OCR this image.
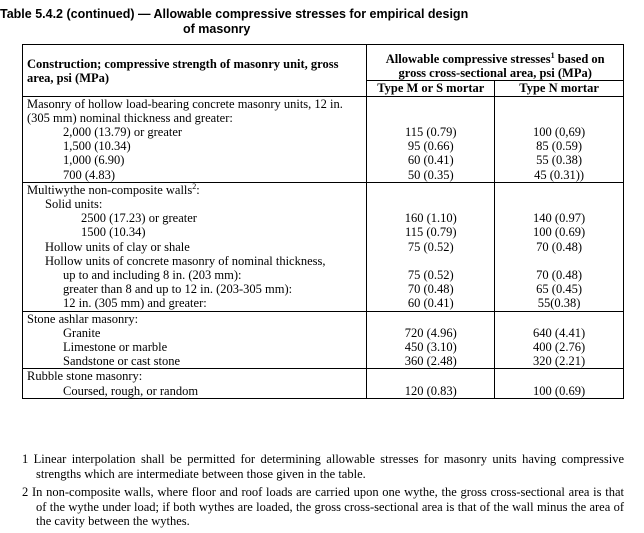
Table 5.4.2 (continued) — Allowable compressive stresses for empirical design
of masonry
Construction; compressive strength of masonry unit, gross area, psi (MPa)	Allowable compressive stresses$^1$ based on gross cross-sectional area, psi (MPa)	
	Type M or S mortar	Type N mortar
Masonry of hollow load-bearing concrete masonry units, 12 in. (305 mm) nominal thickness and greater:		
2,000 (13.79) or greater	115 (0.79)	100 (0,69)
1,500 (10.34)	95 (0.66)	85 (0.59)
1,000 (6.90)	60 (0.41)	55 (0.38)
700 (4.83)	50 (0.35)	45 (0.31))
Multiwythe non-composite walls$^2$:		
Solid units:		
2500 (17.23) or greater	160 (1.10)	140 (0.97)
1500 (10.34)	115 (0.79)	100 (0.69)
Hollow units of clay or shale	75 (0.52)	70 (0.48)
Hollow units of concrete masonry of nominal thickness,		
up to and including 8 in. (203 mm):	75 (0.52)	70 (0.48)
greater than 8 and up to 12 in. (203-305 mm):	70 (0.48)	65 (0.45)
12 in. (305 mm) and greater:	60 (0.41)	55(0.38)
Stone ashlar masonry:		
Granite	720 (4.96)	640 (4.41)
Limestone or marble	450 (3.10)	400 (2.76)
Sandstone or cast stone	360 (2.48)	320 (2.21)
Rubble stone masonry:		
Coursed, rough, or random	120 (0.83)	100 (0.69)
1 Linear interpolation shall be permitted for determining allowable stresses for masonry units having compressive strengths which are intermediate between those given in the table.
2 In non-composite walls, where floor and roof loads are carried upon one wythe, the gross cross-sectional area is that of the wythe under load; if both wythes are loaded, the gross cross-sectional area is that of the wall minus the area of the cavity between the wythes.
